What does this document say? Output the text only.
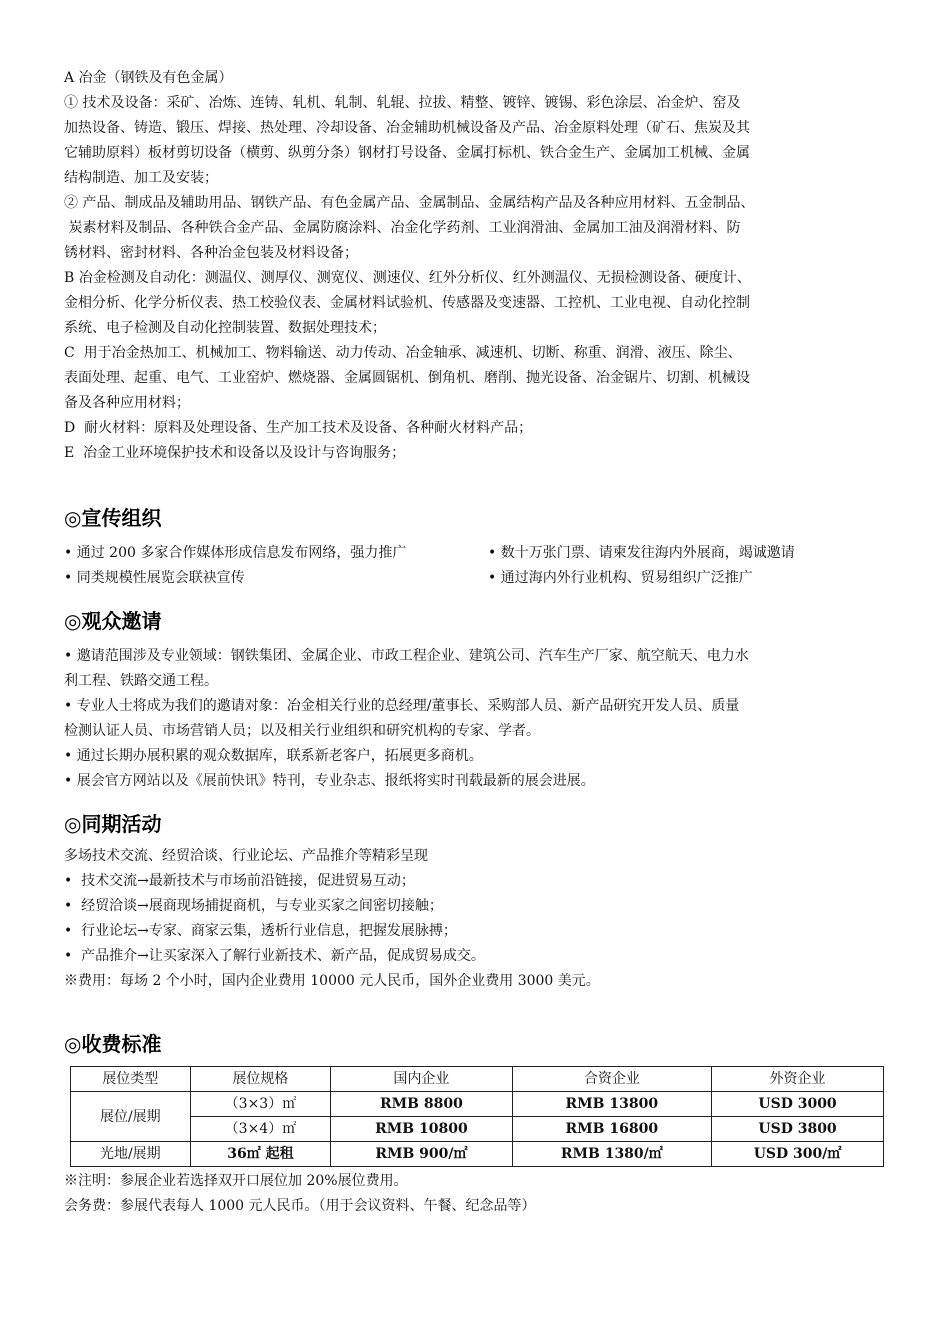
A 冶金（钢铁及有色金属）

① 技术及设备：采矿、冶炼、连铸、轧机、轧制、轧辊、拉拔、精整、镀锌、镀锡、彩色涂层、冶金炉、窑及

加热设备、铸造、锻压、焊接、热处理、冷却设备、冶金辅助机械设备及产品、冶金原料处理（矿石、焦炭及其

它辅助原料）板材剪切设备（横剪、纵剪分条）钢材打号设备、金属打标机、铁合金生产、金属加工机械、金属

结构制造、加工及安装；

② 产品、制成品及辅助用品、钢铁产品、有色金属产品、金属制品、金属结构产品及各种应用材料、五金制品、

炭素材料及制品、各种铁合金产品、金属防腐涂料、冶金化学药剂、工业润滑油、金属加工油及润滑材料、防

锈材料、密封材料、各种冶金包装及材料设备；

B 冶金检测及自动化：测温仪、测厚仪、测宽仪、测速仪、红外分析仪、红外测温仪、无损检测设备、硬度计、

金相分析、化学分析仪表、热工校验仪表、金属材料试验机、传感器及变速器、工控机、工业电视、自动化控制

系统、电子检测及自动化控制装置、数据处理技术；

C  用于冶金热加工、机械加工、物料输送、动力传动、冶金轴承、减速机、切断、称重、润滑、液压、除尘、

表面处理、起重、电气、工业窑炉、燃烧器、金属圆锯机、倒角机、磨削、抛光设备、冶金锯片、切割、机械设

备及各种应用材料；

D  耐火材料：原料及处理设备、生产加工技术及设备、各种耐火材料产品；

E  冶金工业环境保护技术和设备以及设计与咨询服务；

◎宣传组织

• 通过 200 多家合作媒体形成信息发布网络，强力推广

• 同类规模性展览会联袂宣传

• 数十万张门票、请柬发往海内外展商，竭诚邀请

• 通过海内外行业机构、贸易组织广泛推广

◎观众邀请

• 邀请范围涉及专业领域：钢铁集团、金属企业、市政工程企业、建筑公司、汽车生产厂家、航空航天、电力水

利工程、铁路交通工程。

• 专业人士将成为我们的邀请对象：冶金相关行业的总经理/董事长、采购部人员、新产品研究开发人员、质量

检测认证人员、市场营销人员；以及相关行业组织和研究机构的专家、学者。

• 通过长期办展积累的观众数据库，联系新老客户，拓展更多商机。

• 展会官方网站以及《展前快讯》特刊，专业杂志、报纸将实时刊载最新的展会进展。

◎同期活动

多场技术交流、经贸洽谈、行业论坛、产品推介等精彩呈现

•  技术交流→最新技术与市场前沿链接，促进贸易互动；

•  经贸洽谈→展商现场捕捉商机，与专业买家之间密切接触；

•  行业论坛→专家、商家云集，透析行业信息，把握发展脉搏；

•  产品推介→让买家深入了解行业新技术、新产品，促成贸易成交。

※费用：每场 2 个小时，国内企业费用 10000 元人民币，国外企业费用 3000 美元。

◎收费标准
展位类型	展位规格	国内企业	合资企业	外资企业
展位/展期	（3×3）㎡	RMB 8800	RMB 13800	USD 3000
	（3×4）㎡	RMB 10800	RMB 16800	USD 3800
光地/展期	36㎡ 起租	RMB 900/㎡	RMB 1380/㎡	USD 300/㎡

※注明：参展企业若选择双开口展位加 20%展位费用。

会务费：参展代表每人 1000 元人民币。（用于会议资料、午餐、纪念品等）
